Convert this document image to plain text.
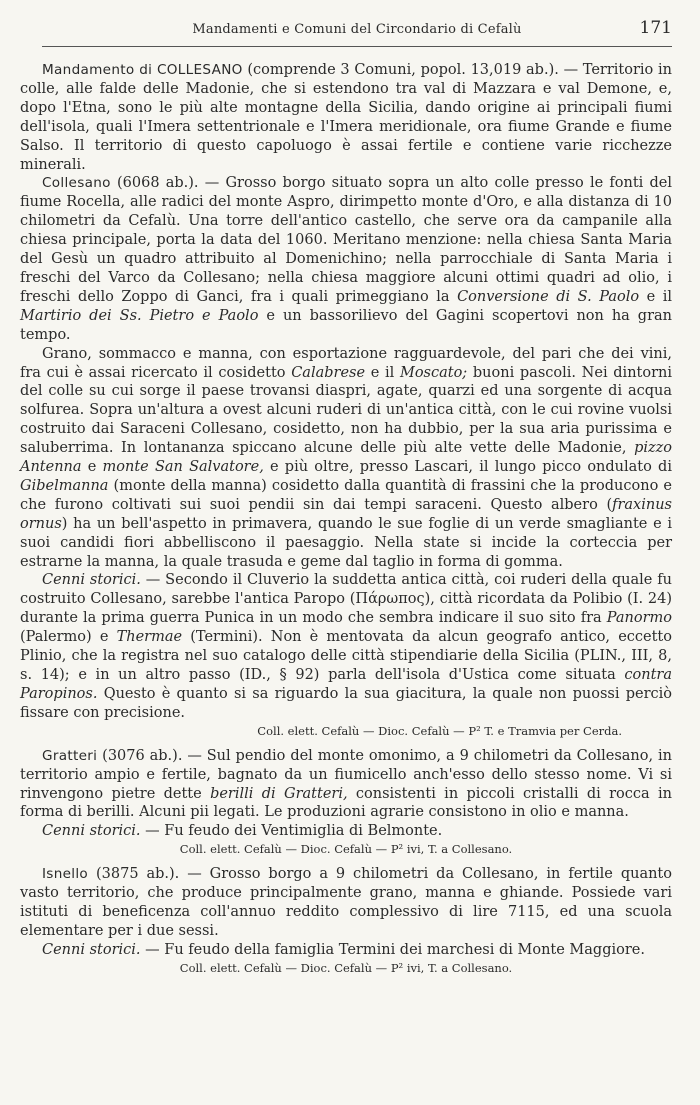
Mandamenti e Comuni del Circondario di Cefalù	171

Mandamento di COLLESANO (comprende 3 Comuni, popol. 13,019 ab.). — Territorio in colle, alle falde delle Madonie, che si estendono tra val di Mazzara e val Demone, e, dopo l'Etna, sono le più alte montagne della Sicilia, dando origine ai principali fiumi dell'isola, quali l'Imera settentrionale e l'Imera meridionale, ora fiume Grande e fiume Salso. Il territorio di questo capoluogo è assai fertile e contiene varie ricchezze minerali.

Collesano (6068 ab.). — Grosso borgo situato sopra un alto colle presso le fonti del fiume Rocella, alle radici del monte Aspro, dirimpetto monte d'Oro, e alla distanza di 10 chilometri da Cefalù. Una torre dell'antico castello, che serve ora da campanile alla chiesa principale, porta la data del 1060. Meritano menzione: nella chiesa Santa Maria del Gesù un quadro attribuito al Domenichino; nella parrocchiale di Santa Maria i freschi del Varco da Collesano; nella chiesa maggiore alcuni ottimi quadri ad olio, i freschi dello Zoppo di Ganci, fra i quali primeggiano la Conversione di S. Paolo e il Martirio dei Ss. Pietro e Paolo e un bassorilievo del Gagini scopertovi non ha gran tempo.

Grano, sommacco e manna, con esportazione ragguardevole, del pari che dei vini, fra cui è assai ricercato il cosidetto Calabrese e il Moscato; buoni pascoli. Nei dintorni del colle su cui sorge il paese trovansi diaspri, agate, quarzi ed una sorgente di acqua solfurea. Sopra un'altura a ovest alcuni ruderi di un'antica città, con le cui rovine vuolsi costruito dai Saraceni Collesano, cosidetto, non ha dubbio, per la sua aria purissima e saluberrima. In lontananza spiccano alcune delle più alte vette delle Madonie, pizzo Antenna e monte San Salvatore, e più oltre, presso Lascari, il lungo picco ondulato di Gibelmanna (monte della manna) cosidetto dalla quantità di frassini che la producono e che furono coltivati sui suoi pendii sin dai tempi saraceni. Questo albero (fraxinus ornus) ha un bell'aspetto in primavera, quando le sue foglie di un verde smagliante e i suoi candidi fiori abbelliscono il paesaggio. Nella state si incide la corteccia per estrarne la manna, la quale trasuda e geme dal taglio in forma di gomma.

Cenni storici. — Secondo il Cluverio la suddetta antica città, coi ruderi della quale fu costruito Collesano, sarebbe l'antica Paropo (Πάρωπος), città ricordata da Polibio (I. 24) durante la prima guerra Punica in un modo che sembra indicare il suo sito fra Panormo (Palermo) e Thermae (Termini). Non è mentovata da alcun geografo antico, eccetto Plinio, che la registra nel suo catalogo delle città stipendiarie della Sicilia (PLIN., III, 8, s. 14); e in un altro passo (ID., § 92) parla dell'isola d'Ustica come situata contra Paropinos. Questo è quanto si sa riguardo la sua giacitura, la quale non puossi perciò fissare con precisione.

Coll. elett. Cefalù — Dioc. Cefalù — P² T. e Tramvia per Cerda.

Gratteri (3076 ab.). — Sul pendio del monte omonimo, a 9 chilometri da Collesano, in territorio ampio e fertile, bagnato da un fiumicello anch'esso dello stesso nome. Vi si rinvengono pietre dette berilli di Gratteri, consistenti in piccoli cristalli di rocca in forma di berilli. Alcuni pii legati. Le produzioni agrarie consistono in olio e manna.

Cenni storici. — Fu feudo dei Ventimiglia di Belmonte.

Coll. elett. Cefalù — Dioc. Cefalù — P² ivi, T. a Collesano.

Isnello (3875 ab.). — Grosso borgo a 9 chilometri da Collesano, in fertile quanto vasto territorio, che produce principalmente grano, manna e ghiande. Possiede vari istituti di beneficenza coll'annuo reddito complessivo di lire 7115, ed una scuola elementare per i due sessi.

Cenni storici. — Fu feudo della famiglia Termini dei marchesi di Monte Maggiore.

Coll. elett. Cefalù — Dioc. Cefalù — P² ivi, T. a Collesano.
